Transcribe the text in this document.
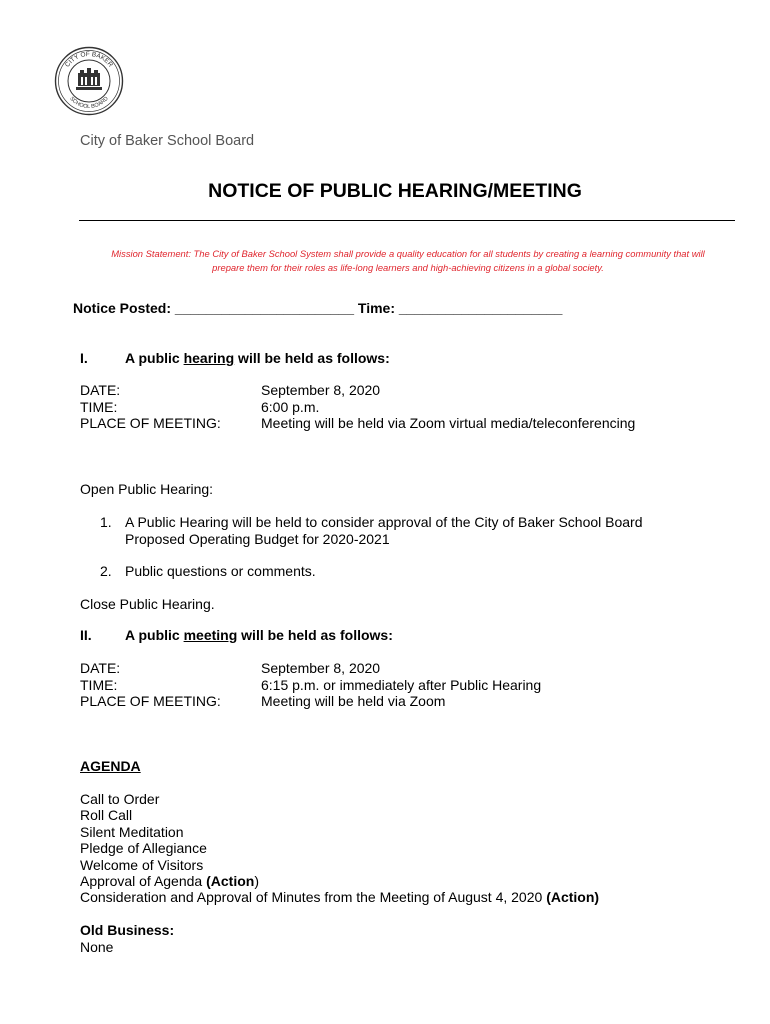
CITY OF BAKER
SCHOOL BOARD
City of Baker School Board
NOTICE OF PUBLIC HEARING/MEETING
Mission Statement: The City of Baker School System shall provide a quality education for all students by creating a learning community that will
prepare them for their roles as life-long learners and high-achieving citizens in a global society.
Notice Posted: _______________________ Time: _____________________
I.	A public hearing will be held as follows:
DATE:	September 8, 2020
TIME:	6:00 p.m.
PLACE OF MEETING:	Meeting will be held via Zoom virtual media/teleconferencing
Open Public Hearing:
1. A Public Hearing will be held to consider approval of the City of Baker School Board
Proposed Operating Budget for 2020-2021
2. Public questions or comments.
Close Public Hearing.
II. A public meeting will be held as follows:
DATE:	September 8, 2020
TIME:	6:15 p.m. or immediately after Public Hearing
PLACE OF MEETING:	Meeting will be held via Zoom
AGENDA
Call to Order
Roll Call
Silent Meditation
Pledge of Allegiance
Welcome of Visitors
Approval of Agenda (Action)
Consideration and Approval of Minutes from the Meeting of August 4, 2020 (Action)
Old Business:
None
